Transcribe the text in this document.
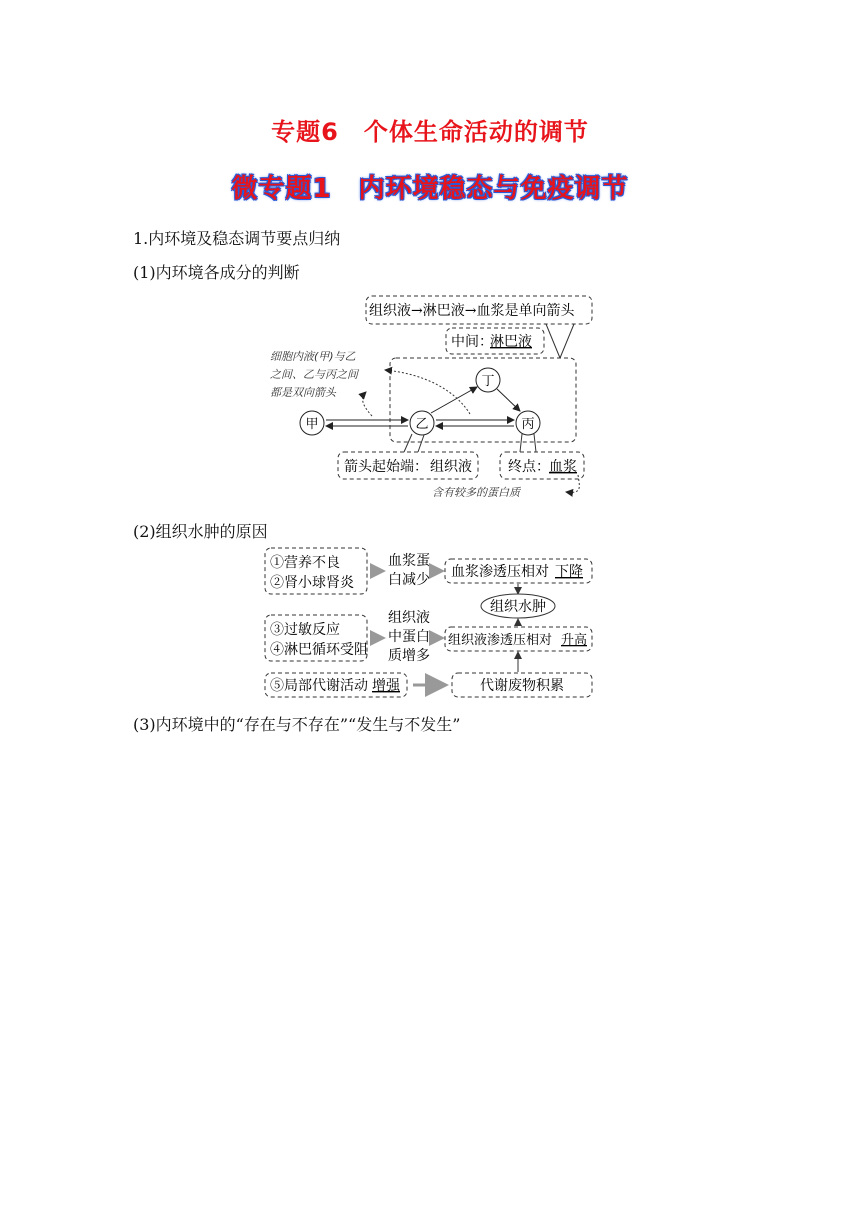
专题6　个体生命活动的调节
微专题1　内环境稳态与免疫调节
1.内环境及稳态调节要点归纳
(1)内环境各成分的判断
组织液→淋巴液→血浆是单向箭头
中间：
淋巴液
甲	乙	丙
丁
细胞内液(甲)与乙
之间、乙与丙之间
都是双向箭头
箭头起始端： 组织液	终点： 血浆
含有较多的蛋白质
(2)组织水肿的原因
①营养不良
②肾小球肾炎
血浆蛋
白减少 血浆渗透压相对 下降
组织水肿
③过敏反应
④淋巴循环受阻
组织液
中蛋白
质增多
组织液渗透压相对 升高
⑤局部代谢活动 增强	代谢废物积累
(3)内环境中的“存在与不存在”“发生与不发生”
